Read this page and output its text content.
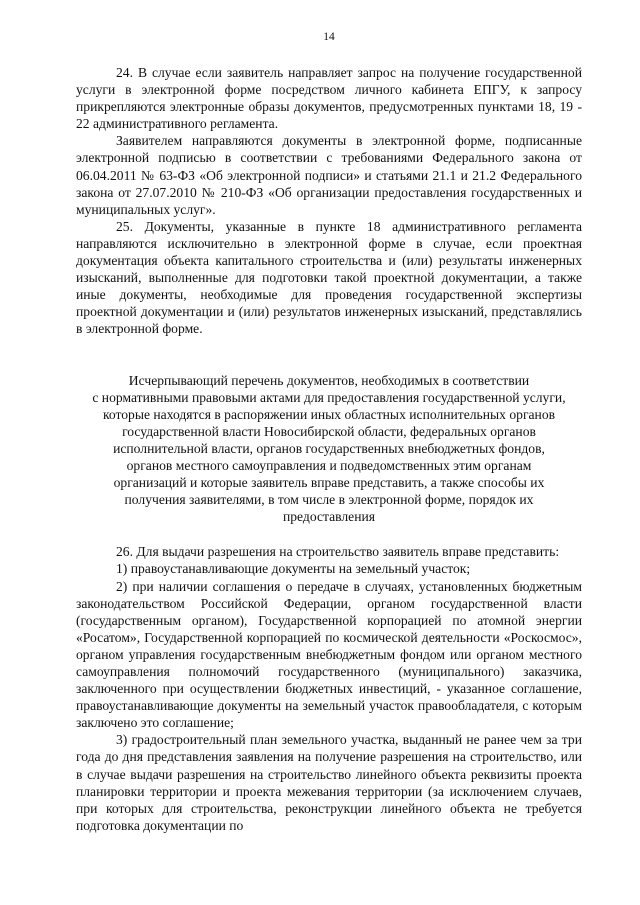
14

24. В случае если заявитель направляет запрос на получение государственной услуги в электронной форме посредством личного кабинета ЕПГУ, к запросу прикрепляются электронные образы документов, предусмотренных пунктами 18, 19 - 22 административного регламента.

Заявителем направляются документы в электронной форме, подписанные электронной подписью в соответствии с требованиями Федерального закона от 06.04.2011 № 63-ФЗ «Об электронной подписи» и статьями 21.1 и 21.2 Федерального закона от 27.07.2010 № 210-ФЗ «Об организации предоставления государственных и муниципальных услуг».

25. Документы, указанные в пункте 18 административного регламента направляются исключительно в электронной форме в случае, если проектная документация объекта капитального строительства и (или) результаты инженерных изысканий, выполненные для подготовки такой проектной документации, а также иные документы, необходимые для проведения государственной экспертизы проектной документации и (или) результатов инженерных изысканий, представлялись в электронной форме.

Исчерпывающий перечень документов, необходимых в соответствии
с нормативными правовыми актами для предоставления государственной услуги,
которые находятся в распоряжении иных областных исполнительных органов
государственной власти Новосибирской области, федеральных органов
исполнительной власти, органов государственных внебюджетных фондов,
органов местного самоуправления и подведомственных этим органам
организаций и которые заявитель вправе представить, а также способы их
получения заявителями, в том числе в электронной форме, порядок их
предоставления

26. Для выдачи разрешения на строительство заявитель вправе представить:

1) правоустанавливающие документы на земельный участок;

2) при наличии соглашения о передаче в случаях, установленных бюджетным законодательством Российской Федерации, органом государственной власти (государственным органом), Государственной корпорацией по атомной энергии «Росатом», Государственной корпорацией по космической деятельности «Роскосмос», органом управления государственным внебюджетным фондом или органом местного самоуправления полномочий государственного (муниципального) заказчика, заключенного при осуществлении бюджетных инвестиций, - указанное соглашение, правоустанавливающие документы на земельный участок правообладателя, с которым заключено это соглашение;

3) градостроительный план земельного участка, выданный не ранее чем за три года до дня представления заявления на получение разрешения на строительство, или в случае выдачи разрешения на строительство линейного объекта реквизиты проекта планировки территории и проекта межевания территории (за исключением случаев, при которых для строительства, реконструкции линейного объекта не требуется подготовка документации по
